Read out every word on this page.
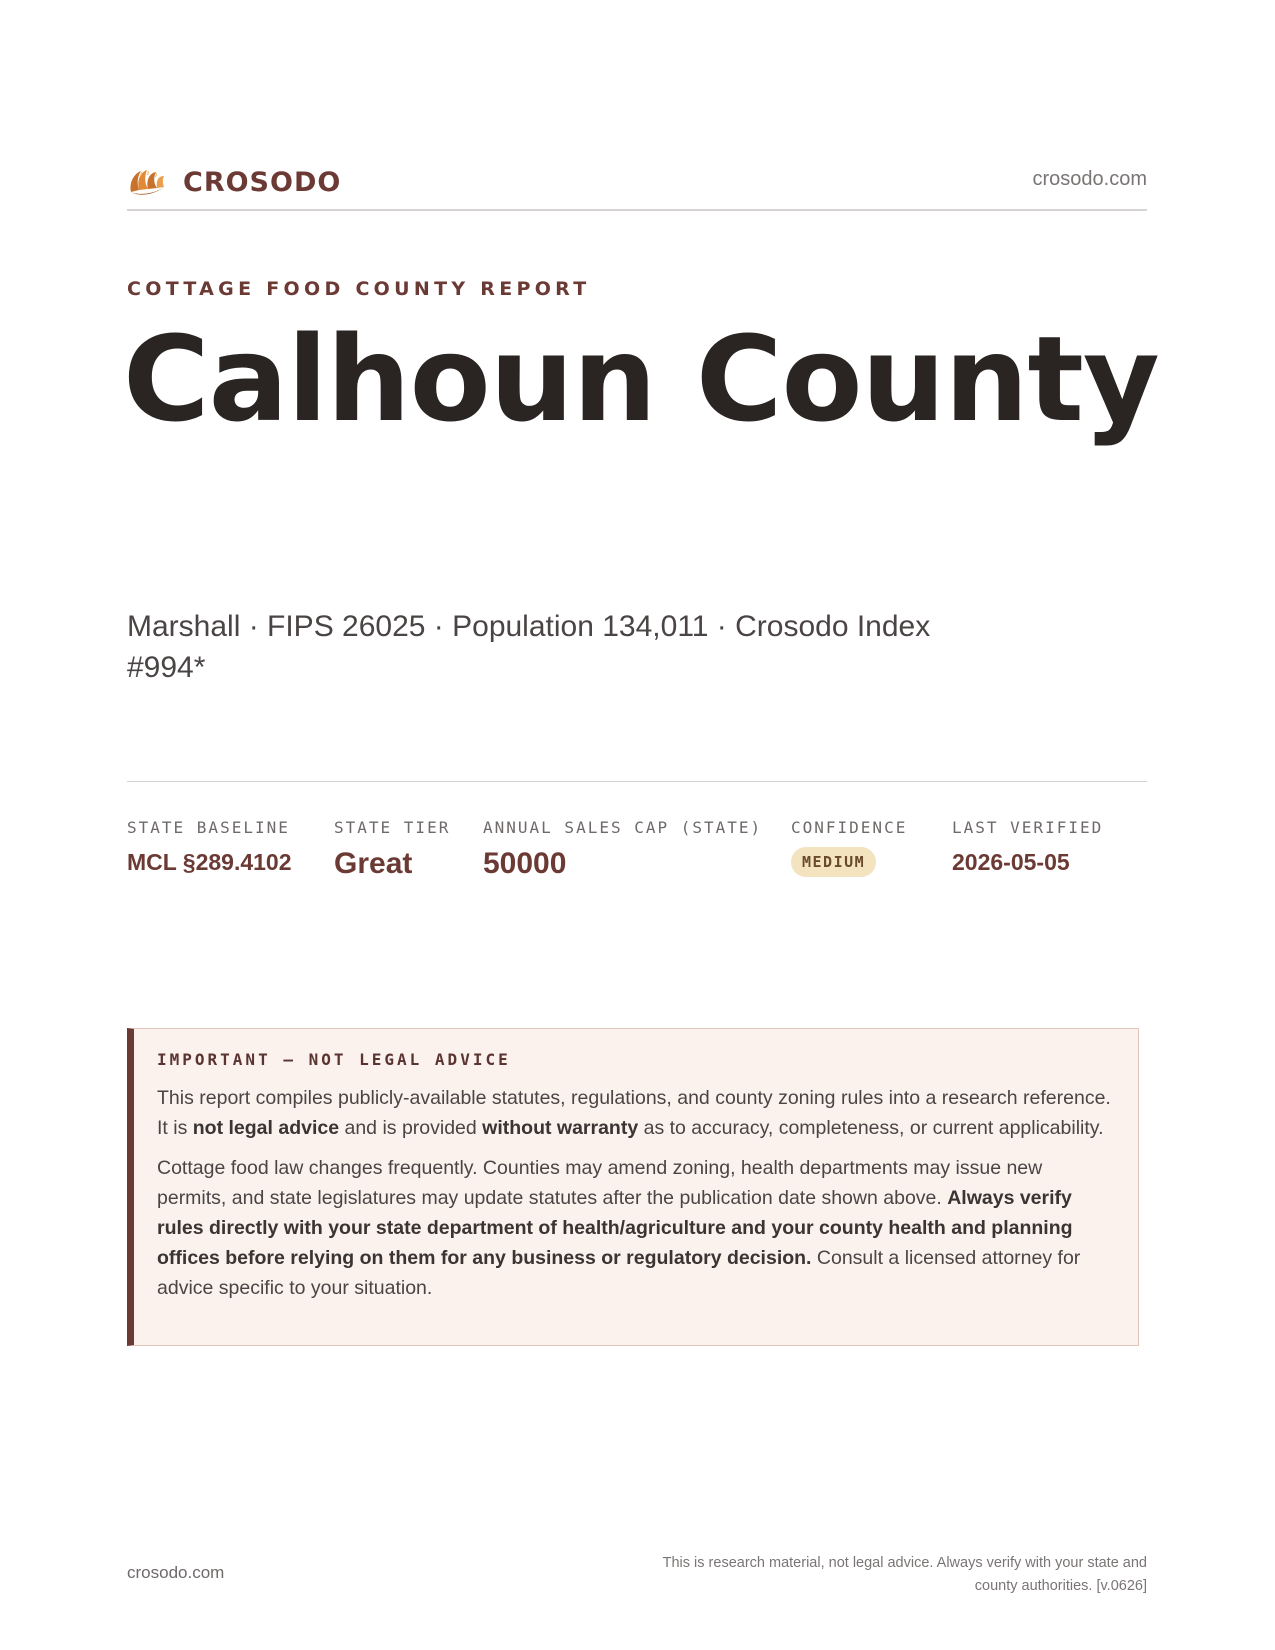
CROSODO	crosodo.com
COTTAGE FOOD COUNTY REPORT
Calhoun County
Marshall · FIPS 26025 · Population 134,011 · Crosodo Index #994*
STATE BASELINE
MCL §289.4102
STATE TIER
Great
ANNUAL SALES CAP (STATE)
50000
CONFIDENCE
MEDIUM
LAST VERIFIED
2026-05-05
IMPORTANT — NOT LEGAL ADVICE
This report compiles publicly-available statutes, regulations, and county zoning rules into a research reference. It is not legal advice and is provided without warranty as to accuracy, completeness, or current applicability.
Cottage food law changes frequently. Counties may amend zoning, health departments may issue new permits, and state legislatures may update statutes after the publication date shown above. Always verify rules directly with your state department of health/agriculture and your county health and planning offices before relying on them for any business or regulatory decision. Consult a licensed attorney for advice specific to your situation.
crosodo.com	This is research material, not legal advice. Always verify with your state and county authorities. [v.0626]
